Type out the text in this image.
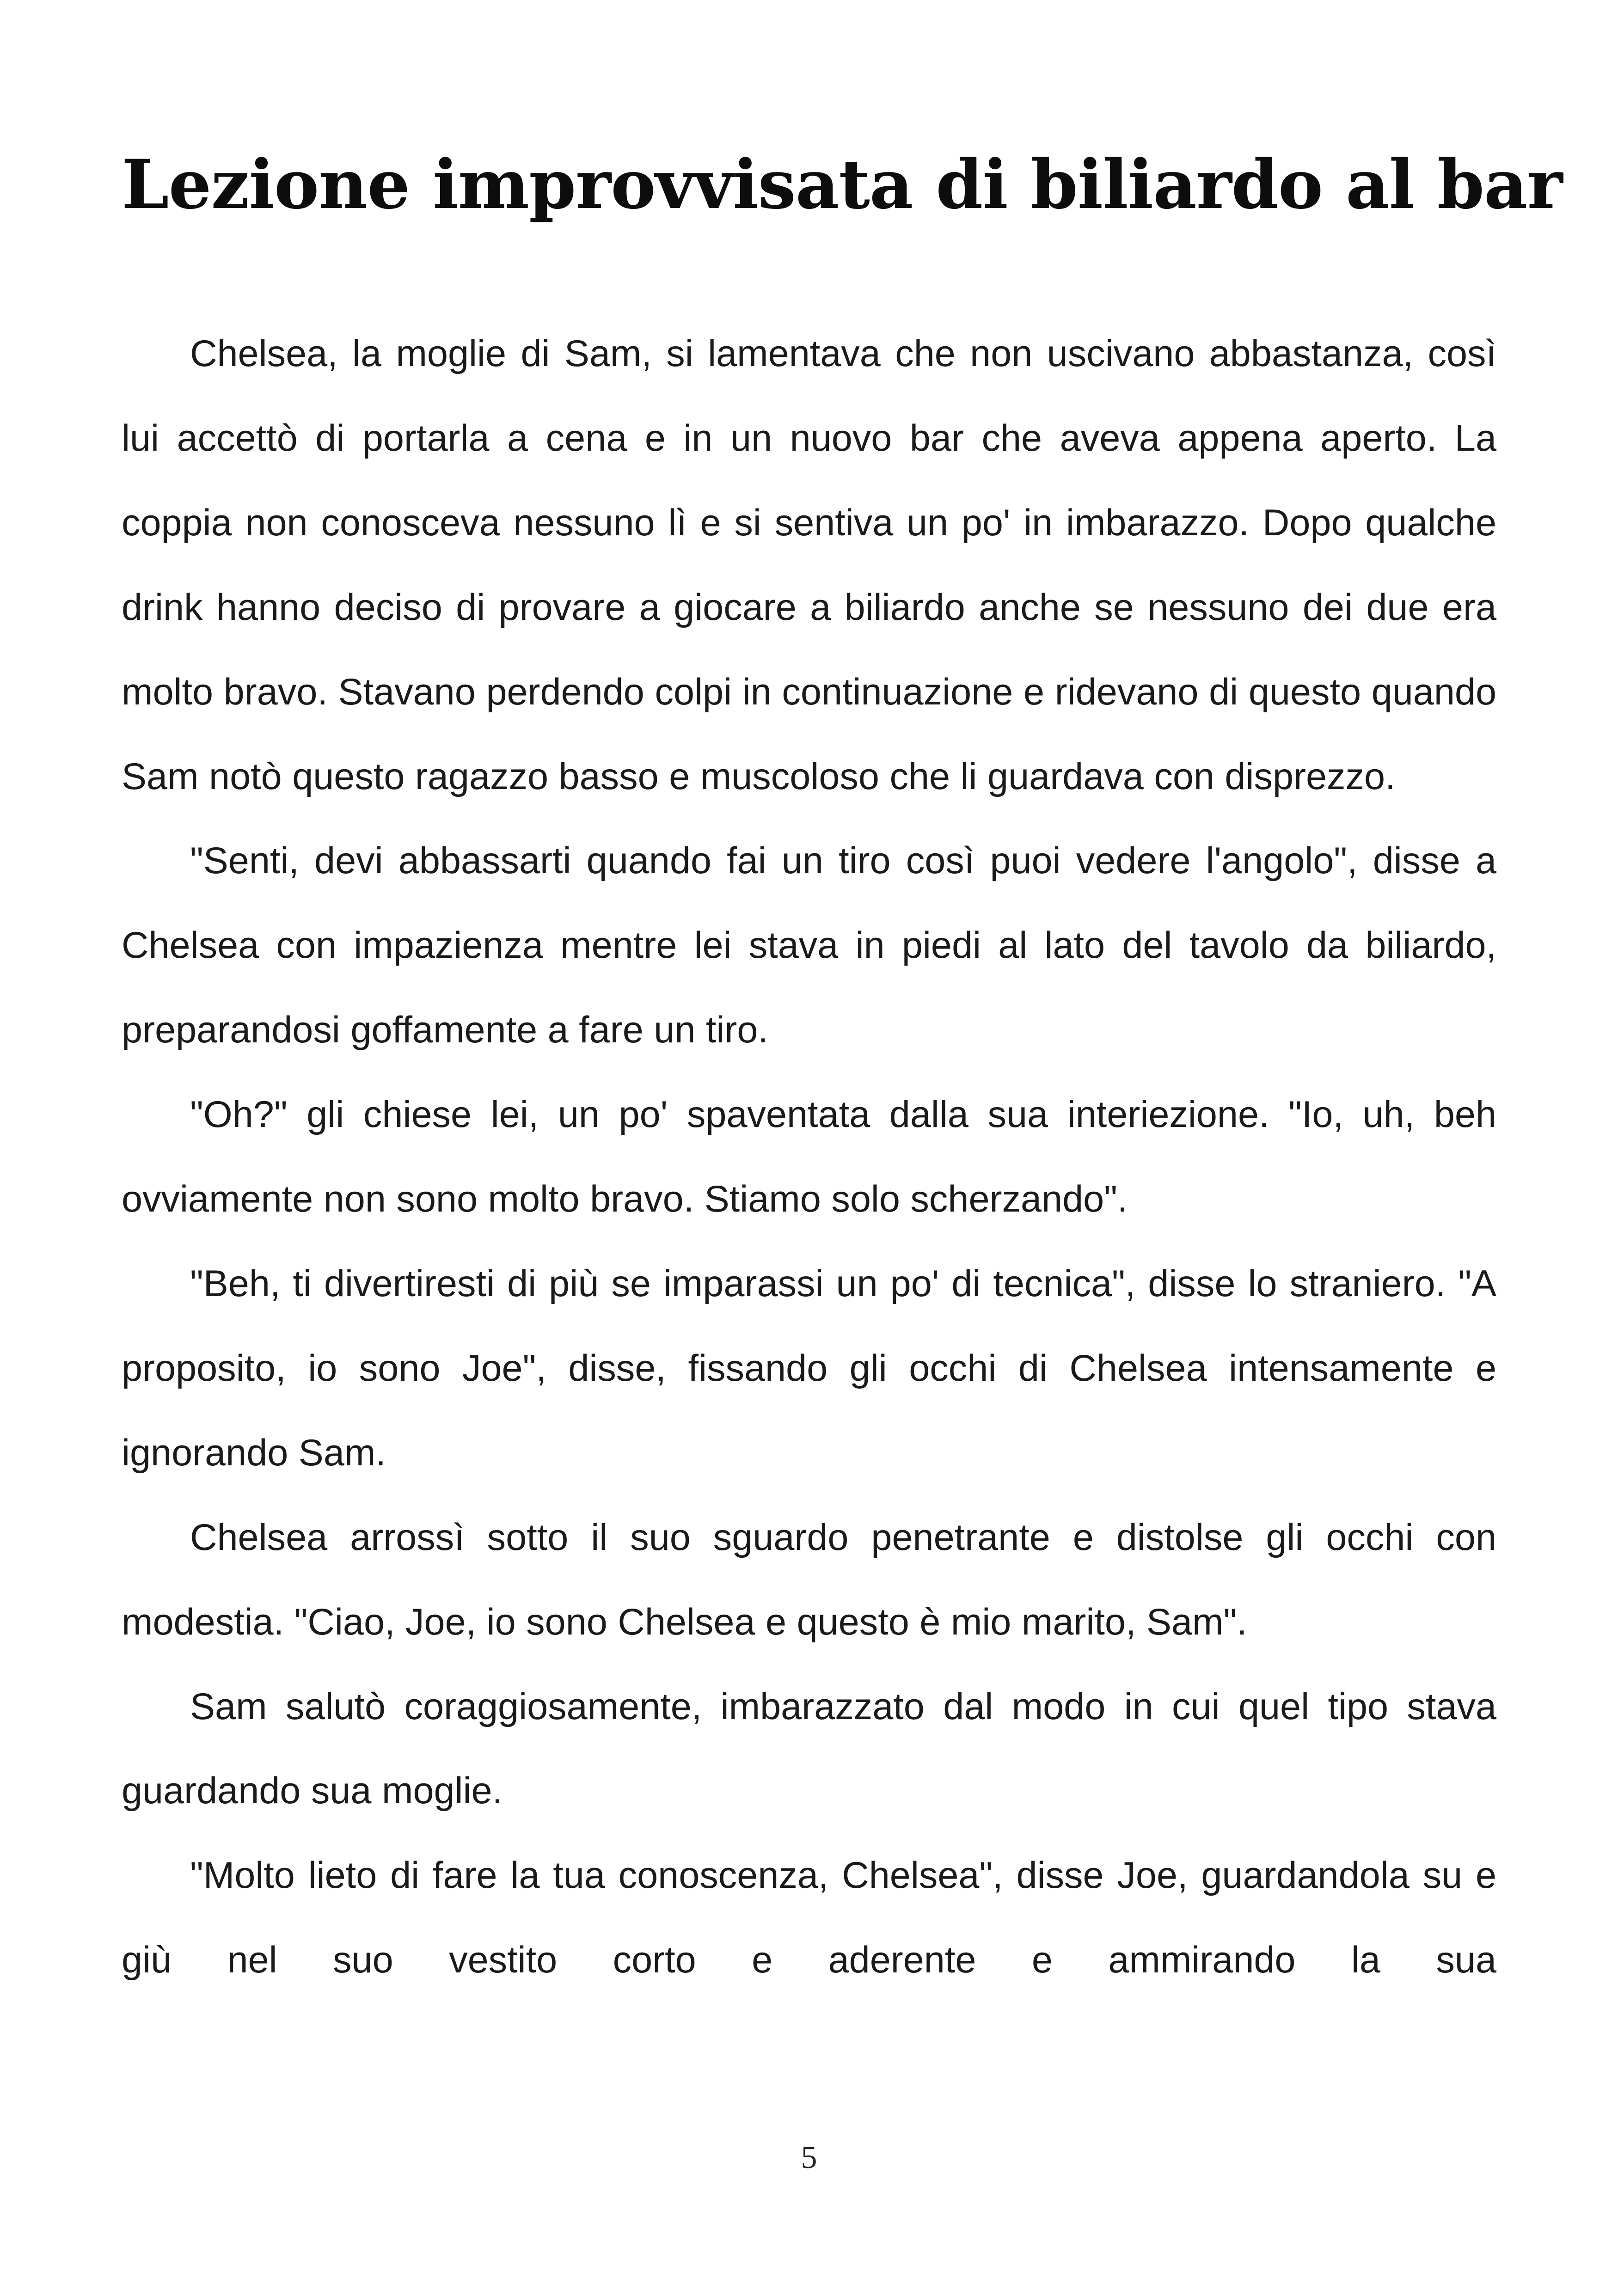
Lezione improvvisata di biliardo al bar

Chelsea, la moglie di Sam, si lamentava che non uscivano abbastanza, così lui accettò di portarla a cena e in un nuovo bar che aveva appena aperto. La coppia non conosceva nessuno lì e si sentiva un po' in imbarazzo. Dopo qualche drink hanno deciso di provare a giocare a biliardo anche se nessuno dei due era molto bravo. Stavano perdendo colpi in continuazione e ridevano di questo quando Sam notò questo ragazzo basso e muscoloso che li guardava con disprezzo.

"Senti, devi abbassarti quando fai un tiro così puoi vedere l'angolo", disse a Chelsea con impazienza mentre lei stava in piedi al lato del tavolo da biliardo, preparandosi goffamente a fare un tiro.

"Oh?" gli chiese lei, un po' spaventata dalla sua interiezione. "Io, uh, beh ovviamente non sono molto bravo. Stiamo solo scherzando".

"Beh, ti divertiresti di più se imparassi un po' di tecnica", disse lo straniero. "A proposito, io sono Joe", disse, fissando gli occhi di Chelsea intensamente e ignorando Sam.

Chelsea arrossì sotto il suo sguardo penetrante e distolse gli occhi con modestia. "Ciao, Joe, io sono Chelsea e questo è mio marito, Sam".

Sam salutò coraggiosamente, imbarazzato dal modo in cui quel tipo stava guardando sua moglie.

"Molto lieto di fare la tua conoscenza, Chelsea", disse Joe, guardandola su e giù nel suo vestito corto e aderente e ammirando la sua

5
